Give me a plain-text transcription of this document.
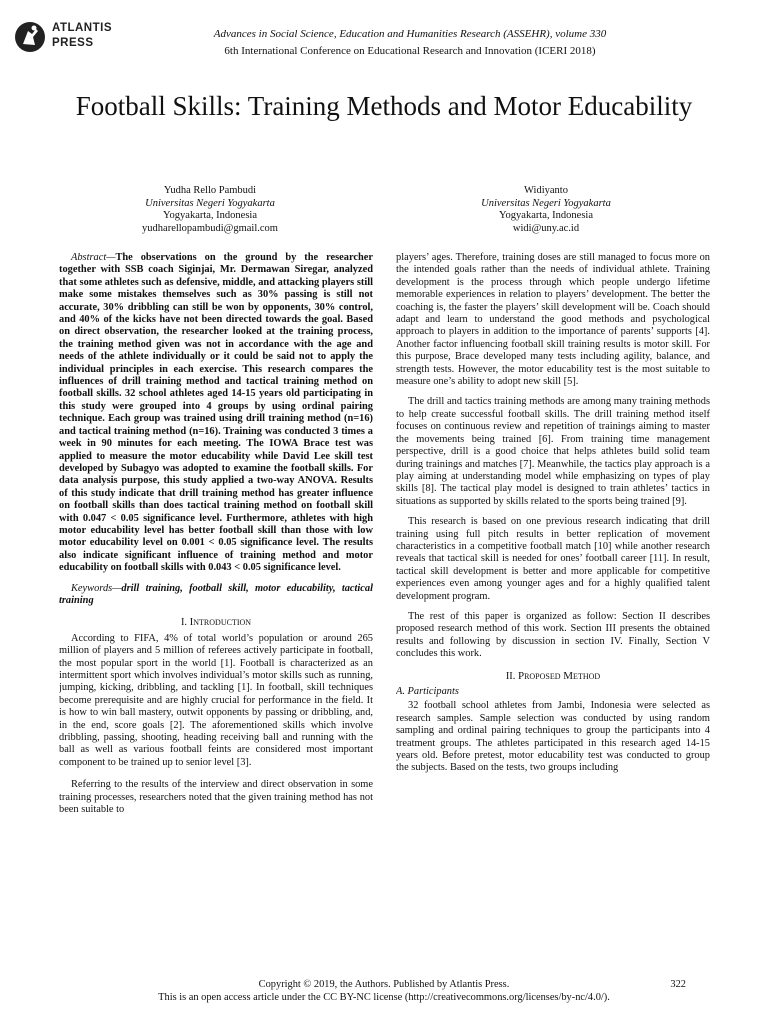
ATLANTIS
PRESS
Advances in Social Science, Education and Humanities Research (ASSEHR), volume 330
6th International Conference on Educational Research and Innovation (ICERI 2018)
Football Skills: Training Methods and Motor Educability
Yudha Rello Pambudi
Universitas Negeri Yogyakarta
Yogyakarta, Indonesia
yudharellopambudi@gmail.com
Widiyanto
Universitas Negeri Yogyakarta
Yogyakarta, Indonesia
widi@uny.ac.id

Abstract—The observations on the ground by the researcher together with SSB coach Siginjai, Mr. Dermawan Siregar, analyzed that some athletes such as defensive, middle, and attacking players still make some mistakes themselves such as 30% passing is still not accurate, 30% dribbling can still be won by opponents, 30% control, and 40% of the kicks have not been directed towards the goal. Based on direct observation, the researcher looked at the training process, the training method given was not in accordance with the age and needs of the athlete individually or it could be said not to apply the individual principles in each exercise. This research compares the influences of drill training method and tactical training method on football skills. 32 school athletes aged 14-15 years old participating in this study were grouped into 4 groups by using ordinal pairing technique. Each group was trained using drill training method (n=16) and tactical training method (n=16). Training was conducted 3 times a week in 90 minutes for each meeting. The IOWA Brace test was applied to measure the motor educability while David Lee skill test developed by Subagyo was adopted to examine the football skills. For data analysis purpose, this study applied a two-way ANOVA. Results of this study indicate that drill training method has greater influence on football skills than does tactical training method on football skill with 0.047 < 0.05 significance level. Furthermore, athletes with high motor educability level has better football skill than those with low motor educability level on 0.001 < 0.05 significance level. The results also indicate significant influence of training method and motor educability on football skills with 0.043 < 0.05 significance level.

Keywords—drill training, football skill, motor educability, tactical training

I. Introduction

According to FIFA, 4% of total world’s population or around 265 million of players and 5 million of referees actively participate in football, the most popular sport in the world [1]. Football is characterized as an intermittent sport which involves individual’s motor skills such as running, jumping, kicking, dribbling, and tackling [1]. In football, skill techniques become prerequisite and are highly crucial for performance in the field. It is how to win ball mastery, outwit opponents by passing or dribbling, and, in the end, score goals [2]. The aforementioned skills which involve dribbling, passing, shooting, heading receiving ball and running with the ball as well as various football feints are considered most important component to be trained up to senior level [3].

Referring to the results of the interview and direct observation in some training processes, researchers noted that the given training method has not been suitable to

players’ ages. Therefore, training doses are still managed to focus more on the intended goals rather than the needs of individual athlete. Training development is the process through which people undergo lifetime memorable experiences in relation to players’ development. The better the coaching is, the faster the players’ skill development will be. Coach should adapt and learn to understand the good methods and psychological approach to players in addition to the importance of parents’ supports [4]. Another factor influencing football skill training results is motor skill. For this purpose, Brace developed many tests including agility, balance, and strength tests. However, the motor educability test is the most suitable to measure one’s ability to adopt new skill [5].

The drill and tactics training methods are among many training methods to help create successful football skills. The drill training method itself focuses on continuous review and repetition of trainings aiming to master the movements being trained [6]. From training time management perspective, drill is a good choice that helps athletes build solid team during trainings and matches [7]. Meanwhile, the tactics play approach is a play aiming at understanding model while emphasizing on types of play skills [8]. The tactical play model is designed to train athletes’ tactics in situations as supported by skills related to the sports being trained [9].

This research is based on one previous research indicating that drill training using full pitch results in better replication of movement characteristics in a competitive football match [10] while another research reveals that tactical skill is needed for ones’ football career [11]. In result, tactical skill development is better and more applicable for competitive experiences even among younger ages and for a highly qualified talent development program.

The rest of this paper is organized as follow: Section II describes proposed research method of this work. Section III presents the obtained results and following by discussion in section IV. Finally, Section V concludes this work.

II. Proposed Method
A. Participants

32 football school athletes from Jambi, Indonesia were selected as research samples. Sample selection was conducted by using random sampling and ordinal pairing techniques to group the participants into 4 treatment groups. The athletes participated in this research aged 14-15 years old. Before pretest, motor educability test was conducted to group the subjects. Based on the tests, two groups including

Copyright © 2019, the Authors. Published by Atlantis Press.	322
This is an open access article under the CC BY-NC license (http://creativecommons.org/licenses/by-nc/4.0/).
